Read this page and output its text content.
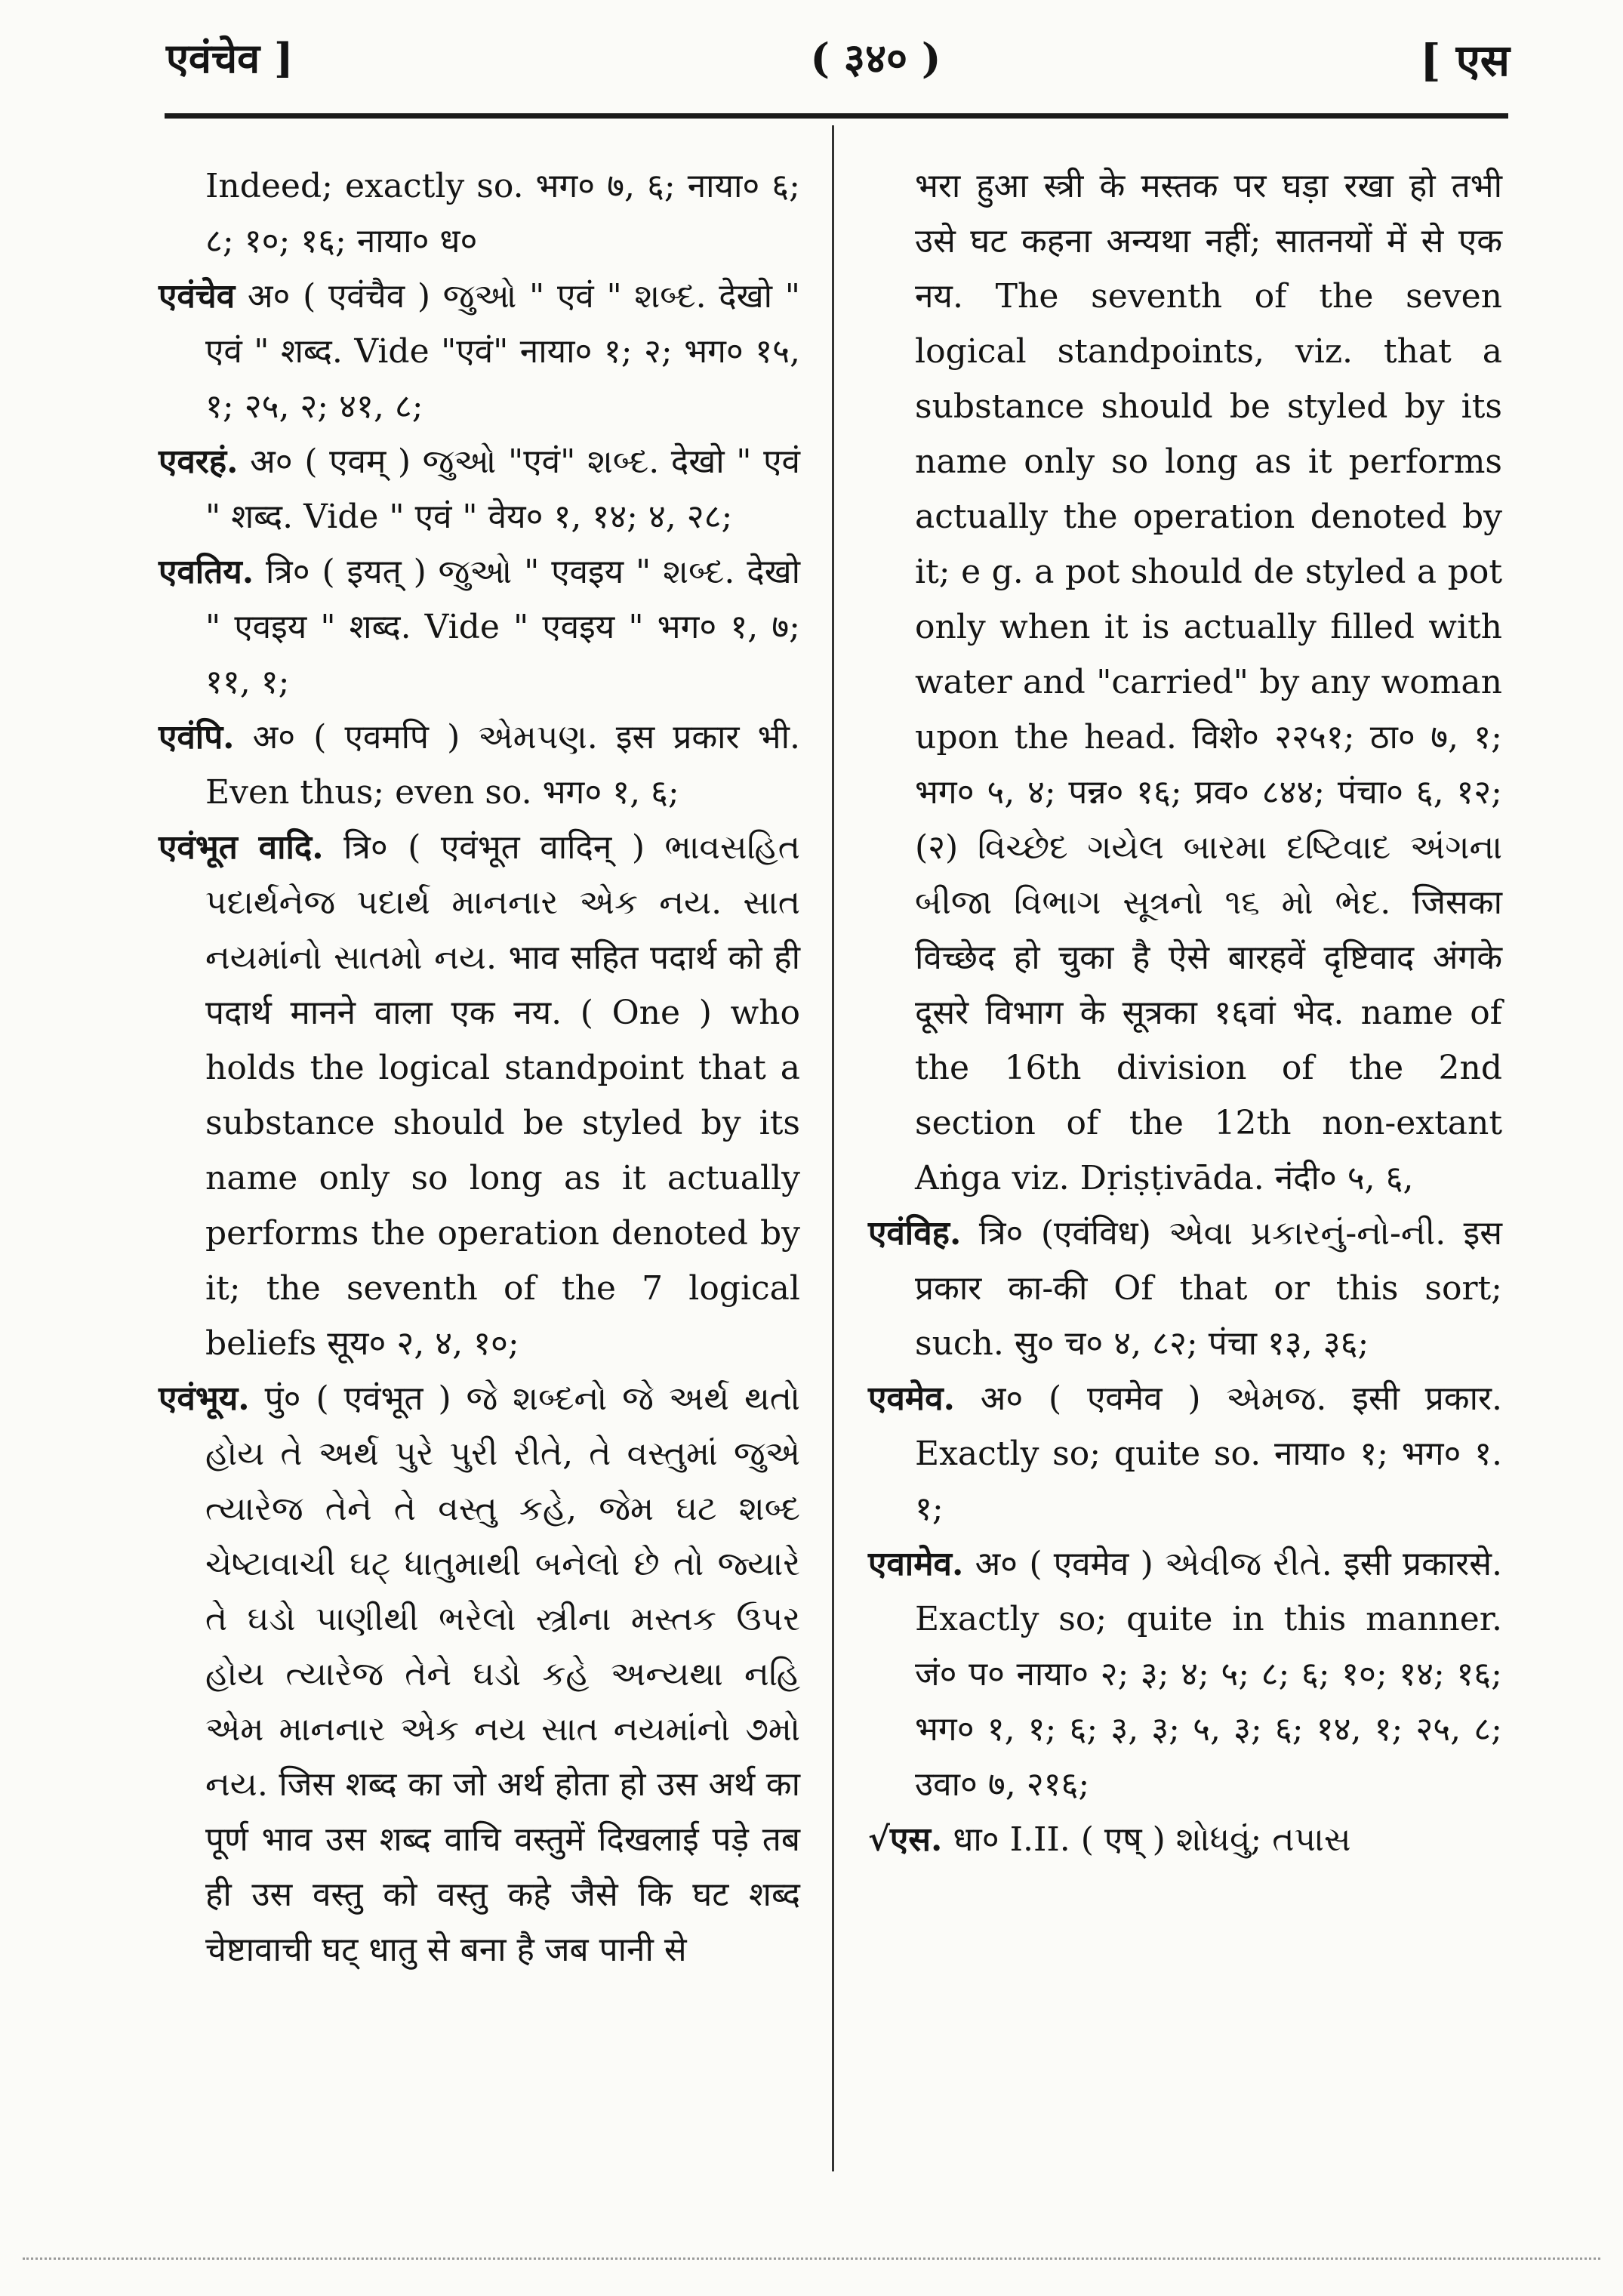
एवंचेव ]	( ३४० )	[ एस

Indeed; exactly so. भग० ७, ६; नाया० ६; ८; १०; १६; नाया० ध०

एवंचेव अ० ( एवंचैव ) જુઓ " एवं " શબ્દ. देखो " एवं " शब्द. Vide "एवं" नाया० १; २; भग० १५, १; २५, २; ४१, ८;

एवरहं. अ० ( एवम् ) જુઓ "एवं" શબ્દ. देखो " एवं " शब्द. Vide " एवं " वेय० १, १४; ४, २८;

एवतिय. त्रि० ( इयत् ) જુઓ " एवइय " શબ્દ. देखो " एवइय " शब्द. Vide " एवइय " भग० १, ७; ११, १;

एवंपि. अ० ( एवमपि ) એમપણ. इस प्रकार भी. Even thus; even so. भग० १, ६;

एवंभूत वादि. त्रि० ( एवंभूत वादिन् ) ભાવસહિત પદાર્થનેજ પદાર્થ માનનાર એક નય. સાત નયમાંનો સાતમો નય. भाव सहित पदार्थ को ही पदार्थ मानने वाला एक नय. ( One ) who holds the logical standpoint that a substance should be styled by its name only so long as it actually performs the operation denoted by it; the seventh of the 7 logical beliefs सूय० २, ४, १०;

एवंभूय. पुं० ( एवंभूत ) જે શબ્દનો જે અર્થ થતો હોય તે અર્થ પુરે પુરી રીતે, તે વસ્તુમાં જુએ ત્યારેજ તેને તે વસ્તુ કહે, જેમ ઘટ શબ્દ ચેષ્ટાવાચી ઘટ્ ધાતુમાથી બનેલો છે તો જ્યારે તે ઘડો પાણીથી ભરેલો સ્ત્રીના મસ્તક ઉપર હોય ત્યારેજ તેને ઘડો કહે અન્યથા નહિ એમ માનનાર એક નય સાત નયમાંનો ૭મો નય. जिस शब्द का जो अर्थ होता हो उस अर्थ का पूर्ण भाव उस शब्द वाचि वस्तुमें दिखलाई पड़े तब ही उस वस्तु को वस्तु कहे जैसे कि घट शब्द चेष्टावाची घट् धातु से बना है जब पानी से

भरा हुआ स्त्री के मस्तक पर घड़ा रखा हो तभी उसे घट कहना अन्यथा नहीं; सातनयों में से एक नय. The seventh of the seven logical standpoints, viz. that a substance should be styled by its name only so long as it performs actually the operation denoted by it; e g. a pot should de styled a pot only when it is actually filled with water and "carried" by any woman upon the head. विशे० २२५१; ठा० ७, १; भग० ५, ४; पन्न० १६; प्रव० ८४४; पंचा० ६, १२; (२) વિચ્છેદ ગયેલ બારમા દષ્ટિવાદ અંગના બીજા વિભાગ સૂત્રનો ૧૬ મો ભેદ. जिसका विच्छेद हो चुका है ऐसे बारहवें दृष्टिवाद अंगके दूसरे विभाग के सूत्रका १६वां भेद. name of the 16th division of the 2nd section of the 12th non-extant Aṅga viz. Dṛiṣṭivāda. नंदी० ५, ६,

एवंविह. त्रि० (एवंविध) એવા પ્રકારનું-નો-ની. इस प्रकार का-की Of that or this sort; such. सु० च० ४, ८२; पंचा १३, ३६;

एवमेव. अ० ( एवमेव ) એમજ. इसी प्रकार. Exactly so; quite so. नाया० १; भग० १. १;

एवामेव. अ० ( एवमेव ) એવીજ રીતે. इसी प्रकारसे. Exactly so; quite in this manner. जं० प० नाया० २; ३; ४; ५; ८; ६; १०; १४; १६; भग० १, १; ६; ३, ३; ५, ३; ६; १४, १; २५, ८; उवा० ७, २१६;

√एस. धा० I.II. ( एष् ) શોધવું; તપાસ
